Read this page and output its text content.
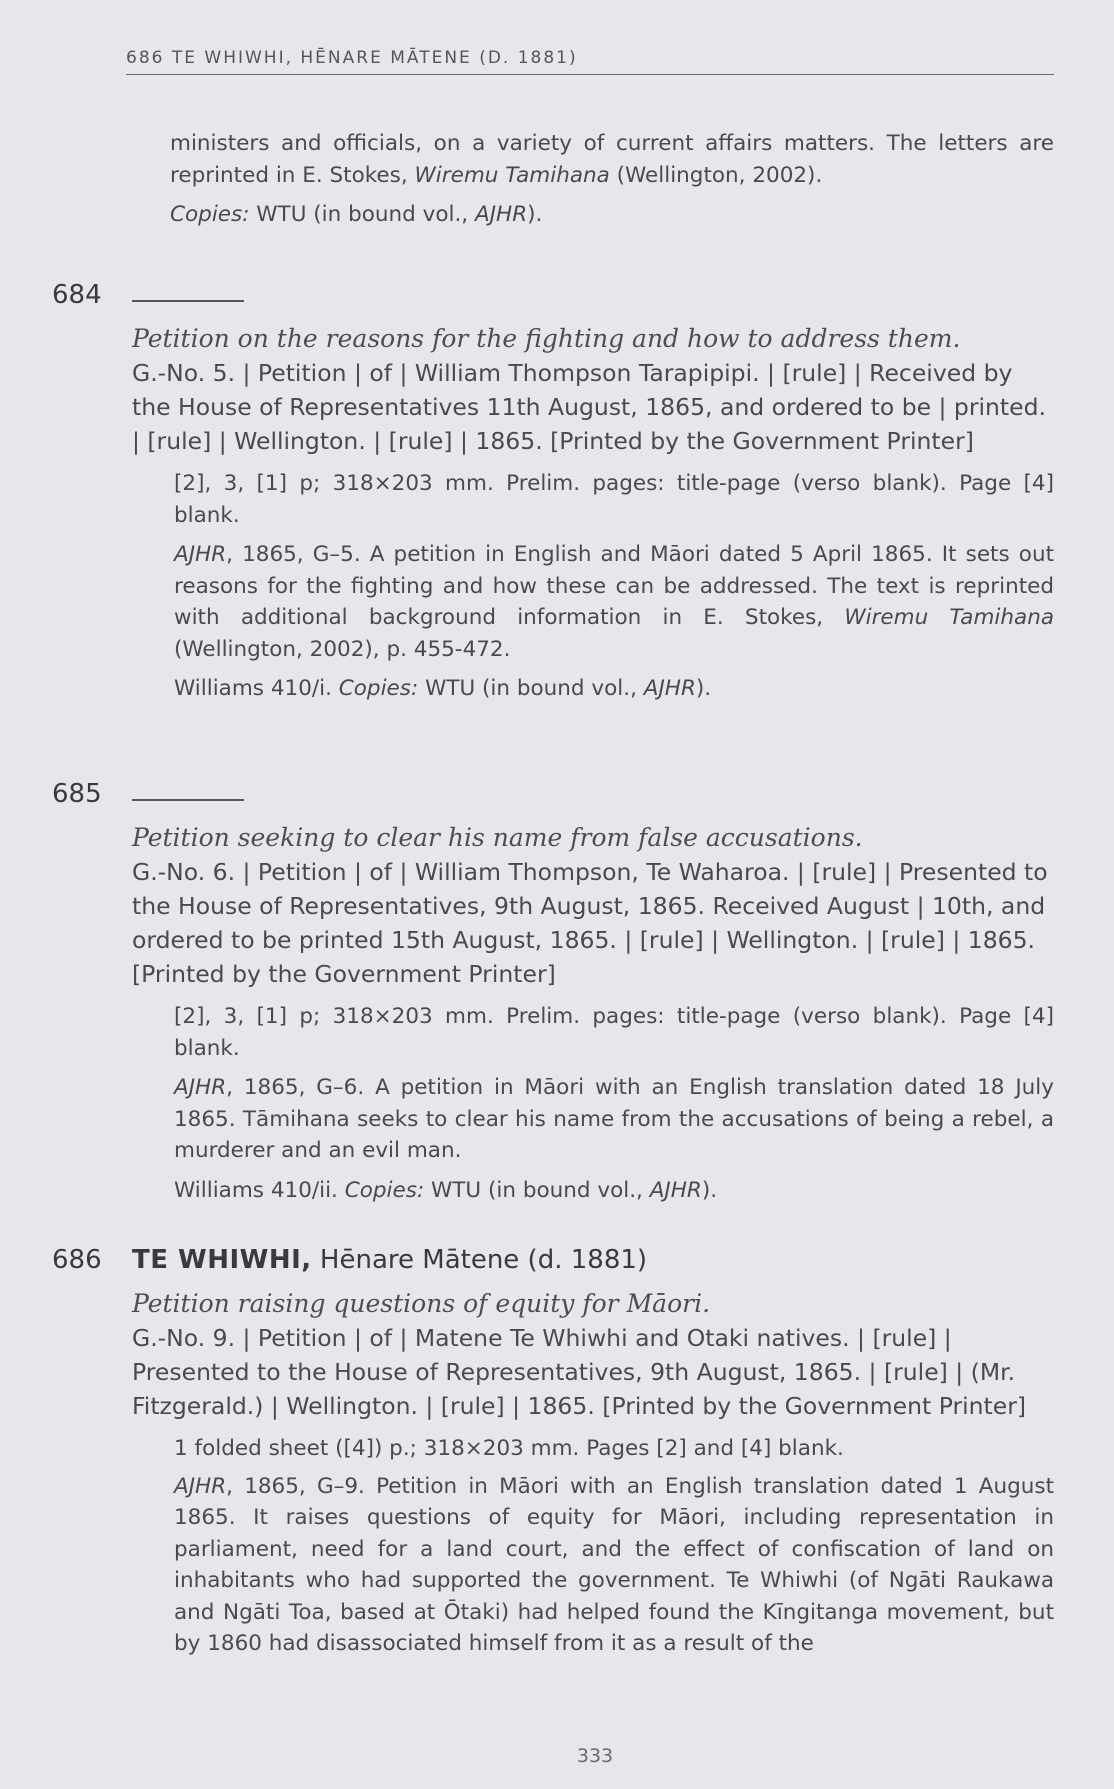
686 TE WHIWHI, HĒNARE MĀTENE (D. 1881)

ministers and officials, on a variety of current affairs matters. The letters are reprinted in E. Stokes, Wiremu Tamihana (Wellington, 2002).

Copies: WTU (in bound vol., AJHR).

684

Petition on the reasons for the fighting and how to address them.

G.-No. 5. | Petition | of | William Thompson Tarapipipi. | [rule] | Received by the House of Representatives 11th August, 1865, and ordered to be | printed. | [rule] | Wellington. | [rule] | 1865. [Printed by the Government Printer]

[2], 3, [1] p; 318×203 mm. Prelim. pages: title-page (verso blank). Page [4] blank.

AJHR, 1865, G–5. A petition in English and Māori dated 5 April 1865. It sets out reasons for the fighting and how these can be addressed. The text is reprinted with additional background information in E. Stokes, Wiremu Tamihana (Wellington, 2002), p. 455-472.

Williams 410/i. Copies: WTU (in bound vol., AJHR).

685

Petition seeking to clear his name from false accusations.

G.-No. 6. | Petition | of | William Thompson, Te Waharoa. | [rule] | Presented to the House of Representatives, 9th August, 1865. Received August | 10th, and ordered to be printed 15th August, 1865. | [rule] | Wellington. | [rule] | 1865. [Printed by the Government Printer]

[2], 3, [1] p; 318×203 mm. Prelim. pages: title-page (verso blank). Page [4] blank.

AJHR, 1865, G–6. A petition in Māori with an English translation dated 18 July 1865. Tāmihana seeks to clear his name from the accusations of being a rebel, a murderer and an evil man.

Williams 410/ii. Copies: WTU (in bound vol., AJHR).

686 TE WHIWHI, Hēnare Mātene (d. 1881)

Petition raising questions of equity for Māori.

G.-No. 9. | Petition | of | Matene Te Whiwhi and Otaki natives. | [rule] | Presented to the House of Representatives, 9th August, 1865. | [rule] | (Mr. Fitzgerald.) | Wellington. | [rule] | 1865. [Printed by the Government Printer]

1 folded sheet ([4]) p.; 318×203 mm. Pages [2] and [4] blank.

AJHR, 1865, G–9. Petition in Māori with an English translation dated 1 August 1865. It raises questions of equity for Māori, including representation in parliament, need for a land court, and the effect of confiscation of land on inhabitants who had supported the government. Te Whiwhi (of Ngāti Raukawa and Ngāti Toa, based at Ōtaki) had helped found the Kīngitanga movement, but by 1860 had disassociated himself from it as a result of the

333
